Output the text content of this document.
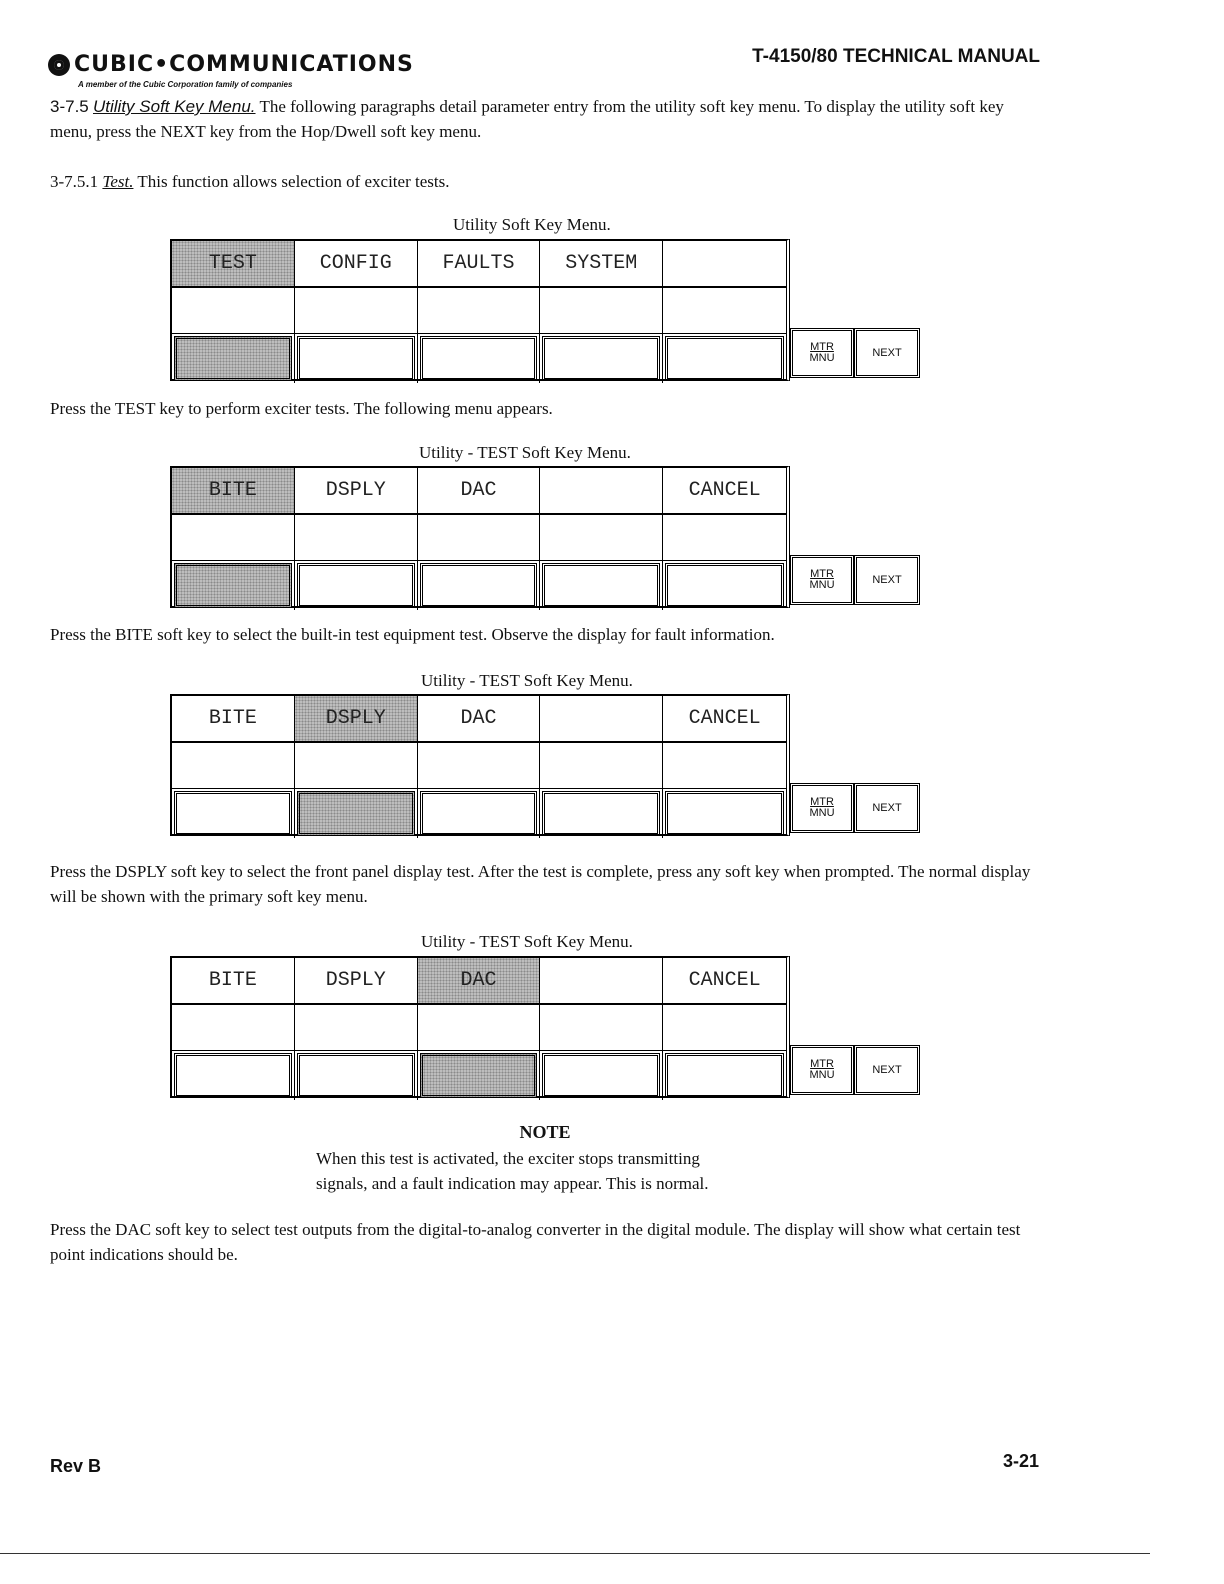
CUBIC•COMMUNICATIONS
A member of the Cubic Corporation family of companies
T-4150/80 TECHNICAL MANUAL

3-7.5 Utility Soft Key Menu. The following paragraphs detail parameter entry from the utility soft key menu. To display the utility soft key menu, press the NEXT key from the Hop/Dwell soft key menu.

3-7.5.1 Test. This function allows selection of exciter tests.

Utility Soft Key Menu.
TEST	CONFIG	FAULTS	SYSTEM
MTR
MNU	NEXT

Press the TEST key to perform exciter tests. The following menu appears.

Utility - TEST Soft Key Menu.
BITE	DSPLY	DAC	CANCEL
MTR
MNU	NEXT

Press the BITE soft key to select the built-in test equipment test. Observe the display for fault information.

Utility - TEST Soft Key Menu.
BITE	DSPLY	DAC	CANCEL
MTR
MNU	NEXT

Press the DSPLY soft key to select the front panel display test. After the test is complete, press any soft key when prompted. The normal display will be shown with the primary soft key menu.

Utility - TEST Soft Key Menu.
BITE	DSPLY	DAC	CANCEL
MTR
MNU	NEXT
NOTE
When this test is activated, the exciter stops transmitting
signals, and a fault indication may appear. This is normal.

Press the DAC soft key to select test outputs from the digital-to-analog converter in the digital module. The display will show what certain test point indications should be.

Rev B	3-21
